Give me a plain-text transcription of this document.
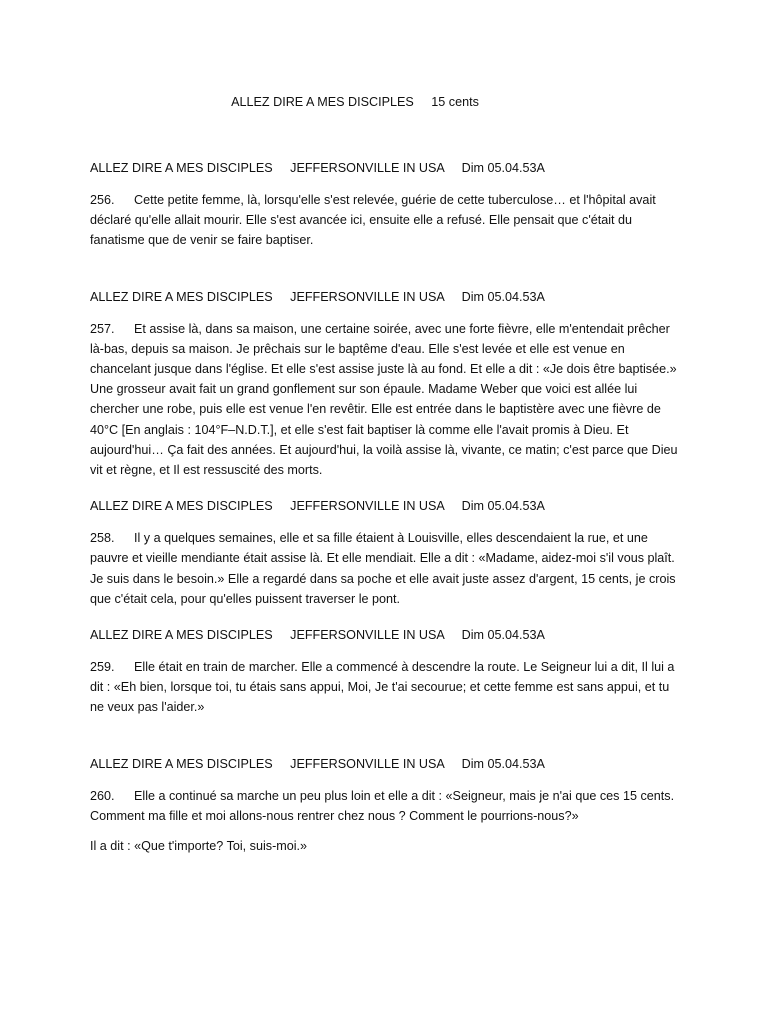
ALLEZ DIRE A MES DISCIPLES     15 cents
ALLEZ DIRE A MES DISCIPLES     JEFFERSONVILLE IN USA     Dim 05.04.53A

256. Cette petite femme, là, lorsqu'elle s'est relevée, guérie de cette tuberculose… et l'hôpital avait déclaré qu'elle allait mourir. Elle s'est avancée ici, ensuite elle a refusé. Elle pensait que c'était du fanatisme que de venir se faire baptiser.

ALLEZ DIRE A MES DISCIPLES     JEFFERSONVILLE IN USA     Dim 05.04.53A

257. Et assise là, dans sa maison, une certaine soirée, avec une forte fièvre, elle m'entendait prêcher là-bas, depuis sa maison. Je prêchais sur le baptême d'eau. Elle s'est levée et elle est venue en chancelant jusque dans l'église. Et elle s'est assise juste là au fond. Et elle a dit : «Je dois être baptisée.» Une grosseur avait fait un grand gonflement sur son épaule. Madame Weber que voici est allée lui chercher une robe, puis elle est venue l'en revêtir. Elle est entrée dans le baptistère avec une fièvre de 40°C [En anglais : 104°F–N.D.T.], et elle s'est fait baptiser là comme elle l'avait promis à Dieu. Et aujourd'hui… Ça fait des années. Et aujourd'hui, la voilà assise là, vivante, ce matin; c'est parce que Dieu vit et règne, et Il est ressuscité des morts.

ALLEZ DIRE A MES DISCIPLES     JEFFERSONVILLE IN USA     Dim 05.04.53A

258. Il y a quelques semaines, elle et sa fille étaient à Louisville, elles descendaient la rue, et une pauvre et vieille mendiante était assise là. Et elle mendiait. Elle a dit : «Madame, aidez-moi s'il vous plaît. Je suis dans le besoin.» Elle a regardé dans sa poche et elle avait juste assez d'argent, 15 cents, je crois que c'était cela, pour qu'elles puissent traverser le pont.

ALLEZ DIRE A MES DISCIPLES     JEFFERSONVILLE IN USA     Dim 05.04.53A

259. Elle était en train de marcher. Elle a commencé à descendre la route. Le Seigneur lui a dit, Il lui a dit : «Eh bien, lorsque toi, tu étais sans appui, Moi, Je t'ai secourue; et cette femme est sans appui, et tu ne veux pas l'aider.»

ALLEZ DIRE A MES DISCIPLES     JEFFERSONVILLE IN USA     Dim 05.04.53A

260. Elle a continué sa marche un peu plus loin et elle a dit : «Seigneur, mais je n'ai que ces 15 cents. Comment ma fille et moi allons-nous rentrer chez nous ? Comment le pourrions-nous?»

Il a dit : «Que t'importe? Toi, suis-moi.»
